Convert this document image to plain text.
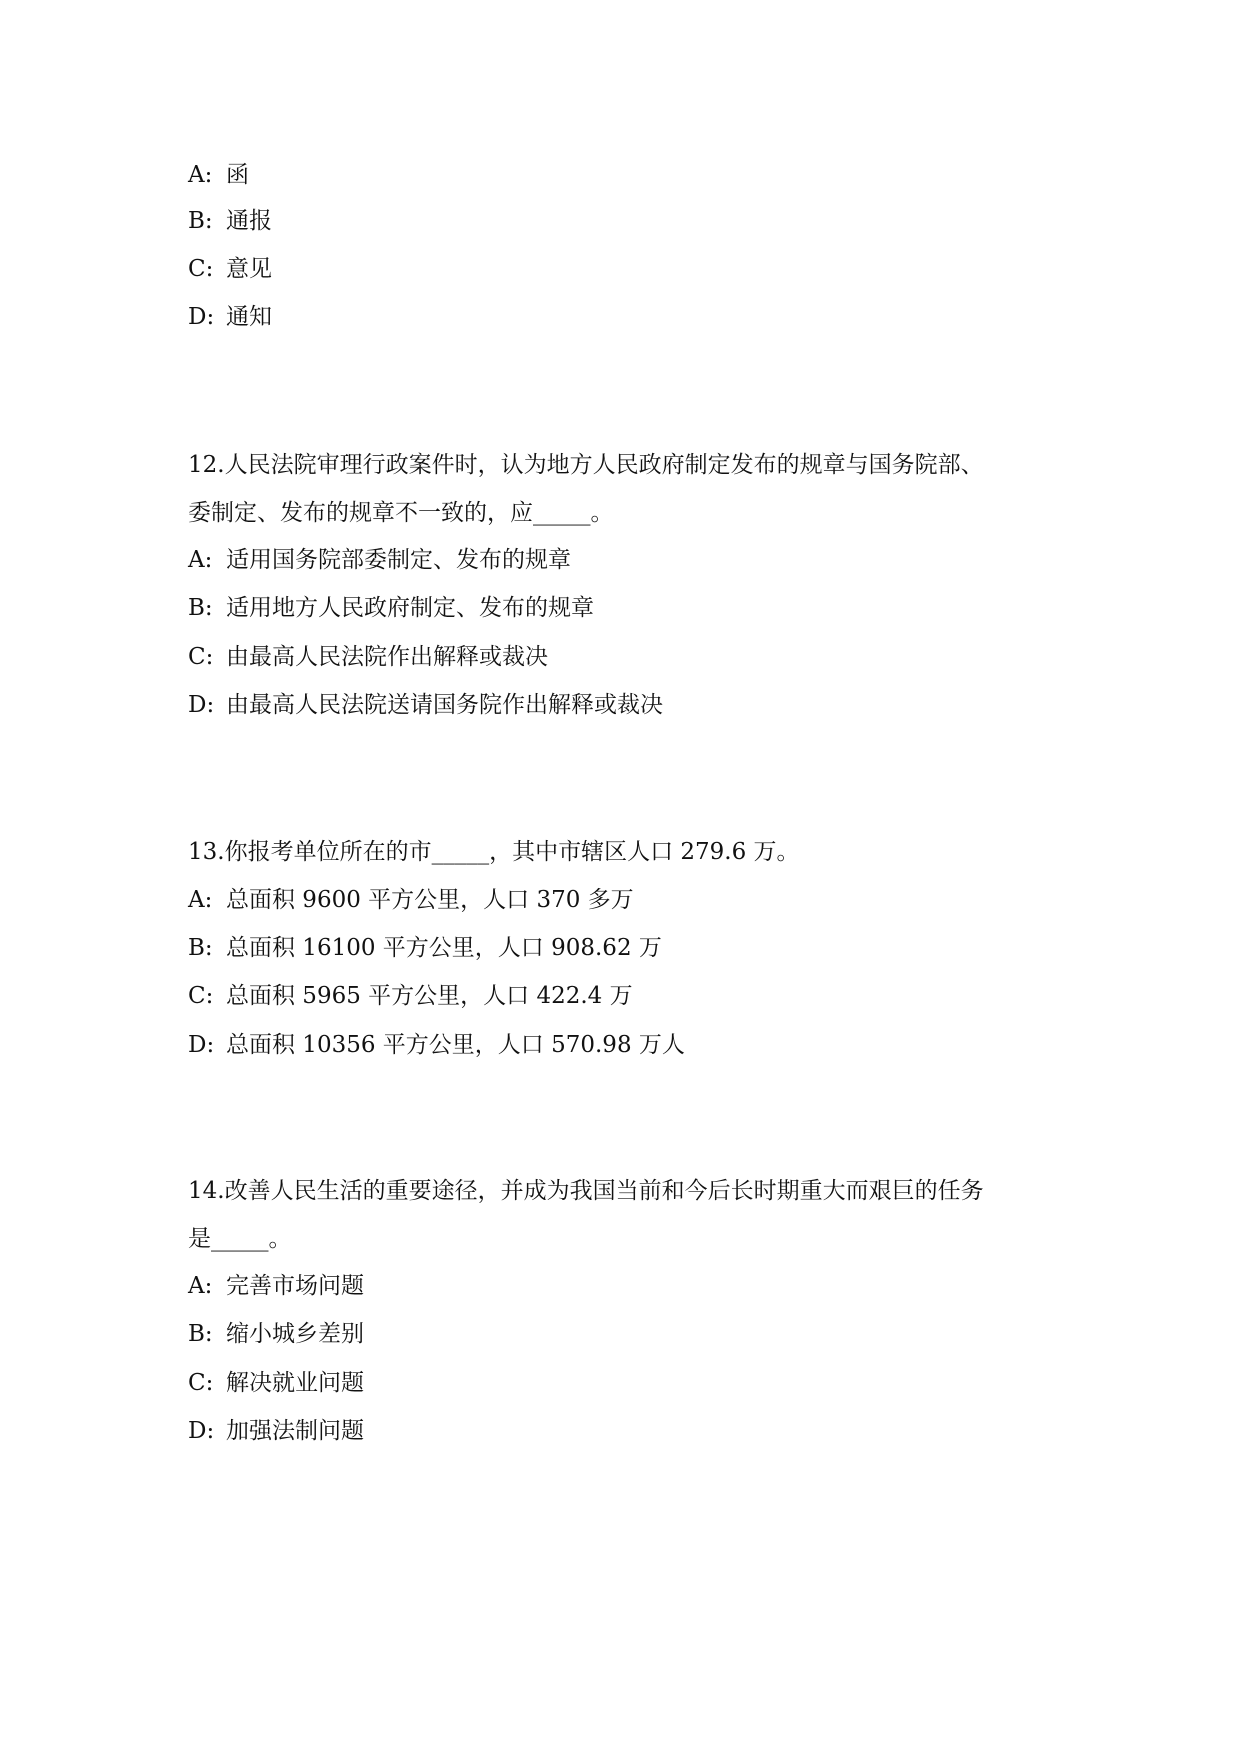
A: 函

B: 通报

C: 意见

D: 通知

12.人民法院审理行政案件时，认为地方人民政府制定发布的规章与国务院部、

委制定、发布的规章不一致的，应_____。

A: 适用国务院部委制定、发布的规章

B: 适用地方人民政府制定、发布的规章

C: 由最高人民法院作出解释或裁决

D: 由最高人民法院送请国务院作出解释或裁决

13.你报考单位所在的市_____，其中市辖区人口 279.6 万。

A: 总面积 9600 平方公里，人口 370 多万

B: 总面积 16100 平方公里，人口 908.62 万

C: 总面积 5965 平方公里，人口 422.4 万

D: 总面积 10356 平方公里，人口 570.98 万人

14.改善人民生活的重要途径，并成为我国当前和今后长时期重大而艰巨的任务

是_____。

A: 完善市场问题

B: 缩小城乡差别

C: 解决就业问题

D: 加强法制问题
